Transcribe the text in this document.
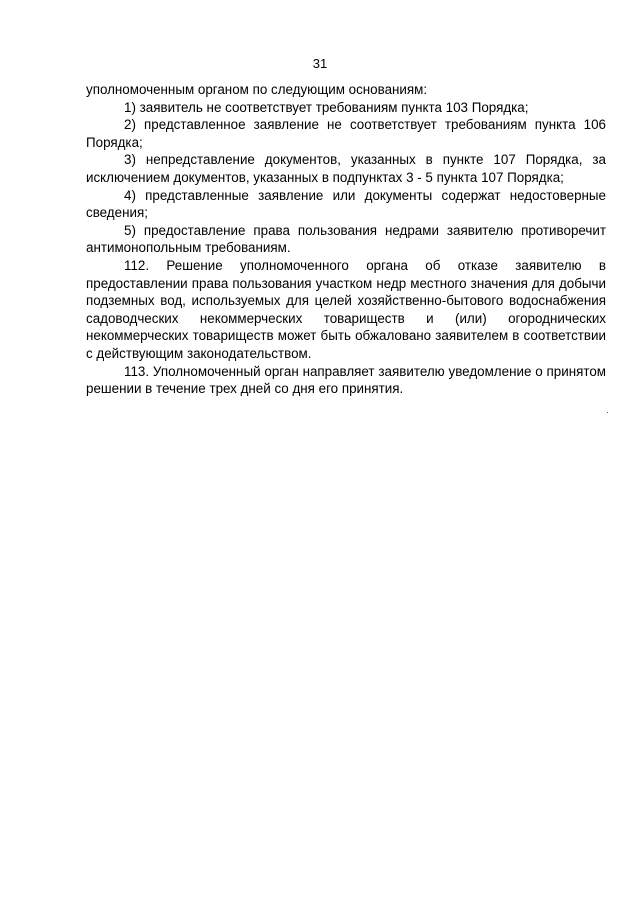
31

уполномоченным органом по следующим основаниям:

1) заявитель не соответствует требованиям пункта 103 Порядка;

2) представленное заявление не соответствует требованиям пункта 106 Порядка;

3) непредставление документов, указанных в пункте 107 Порядка, за исключением документов, указанных в подпунктах 3 - 5 пункта 107 Порядка;

4) представленные заявление или документы содержат недостоверные сведения;

5) предоставление права пользования недрами заявителю противоречит антимонопольным требованиям.

112. Решение уполномоченного органа об отказе заявителю в предоставлении права пользования участком недр местного значения для добычи подземных вод, используемых для целей хозяйственно-бытового водоснабжения садоводческих некоммерческих товариществ и (или) огороднических некоммерческих товариществ может быть обжаловано заявителем в соответствии с действующим законодательством.

113. Уполномоченный орган направляет заявителю уведомление о принятом решении в течение трех дней со дня его принятия.
